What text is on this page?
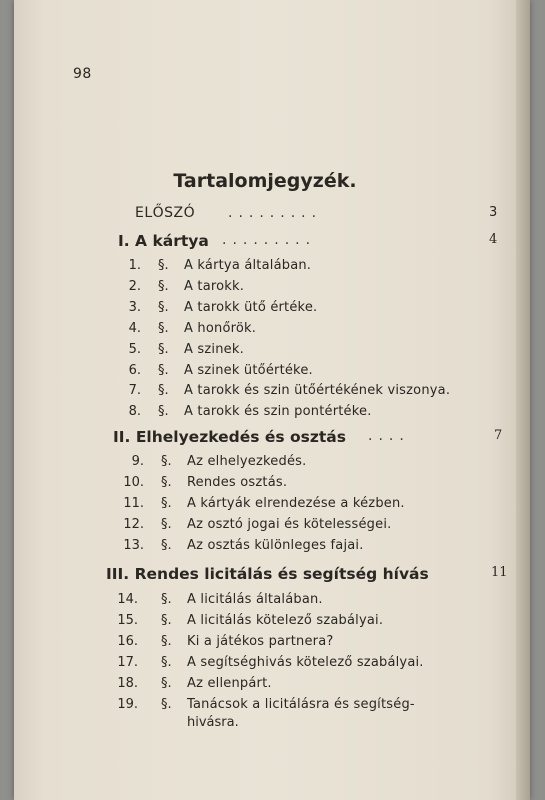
98
Tartalomjegyzék.
ELŐSZÓ .........	3
I. A kártya .........	4
1. §. A kártya általában.
2. §. A tarokk.
3. §. A tarokk ütő értéke.
4. §. A honőrök.
5. §. A szinek.
6. §. A szinek ütőértéke.
7. §. A tarokk és szin ütőértékének viszonya.
8. §. A tarokk és szin pontértéke.
II. Elhelyezkedés és osztás ....	7
9. §. Az elhelyezkedés.
10. §. Rendes osztás.
11. §. A kártyák elrendezése a kézben.
12. §. Az osztó jogai és kötelességei.
13. §. Az osztás különleges fajai.
III. Rendes licitálás és segítség hívás	11
14. §. A licitálás általában.
15. §. A licitálás kötelező szabályai.
16. §. Ki a játékos partnera?
17. §. A segítséghivás kötelező szabályai.
18. §. Az ellenpárt.
19. §. Tanácsok a licitálásra és segítség-
hivásra.
